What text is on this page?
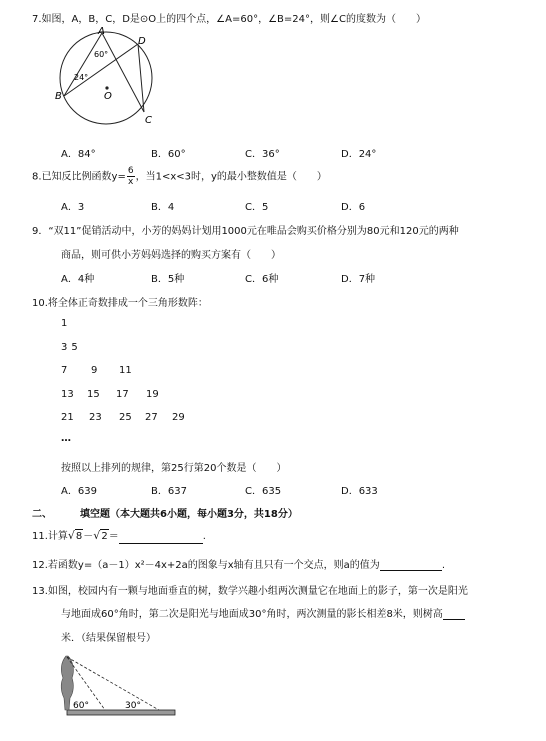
7.如图，A，B，C，D是⊙O上的四个点，∠A=60°，∠B=24°，则∠C的度数为（　　）
A
D
B
C
O
60°
24°
A．84°	B．60°	C．36°	D．24°
8.已知反比例函数$y= \frac{6}{x}$ ，当1<x<3时，y的最小整数值是（　　）
A．3	B．4	C．5	D．6
9．“双11”促销活动中，小芳的妈妈计划用1000元在唯品会购买价格分别为80元和120元的两种
商品，则可供小芳妈妈选择的购买方案有（　　）
A．4种	B．5种	C．6种	D．7种
10.将全体正奇数排成一个三角形数阵：
1
3 5
7 9 11
13 15 17 19
21 23 25 27 29
…
按照以上排列的规律，第25行第20个数是（　　）
A．639	B．637	C．635	D．633
二、	填空题（本大题共6小题，每小题3分，共18分）
11.计算√8－√2＝	.
12.若函数y=（a－1）x²－4x+2a的图象与x轴有且只有一个交点，则a的值为	.
13.如图，校园内有一颗与地面垂直的树，数学兴趣小组两次测量它在地面上的影子，第一次是阳光
与地面成60°角时，第二次是阳光与地面成30°角时，两次测量的影长相差8米，则树高
米．（结果保留根号）
60°	30°
